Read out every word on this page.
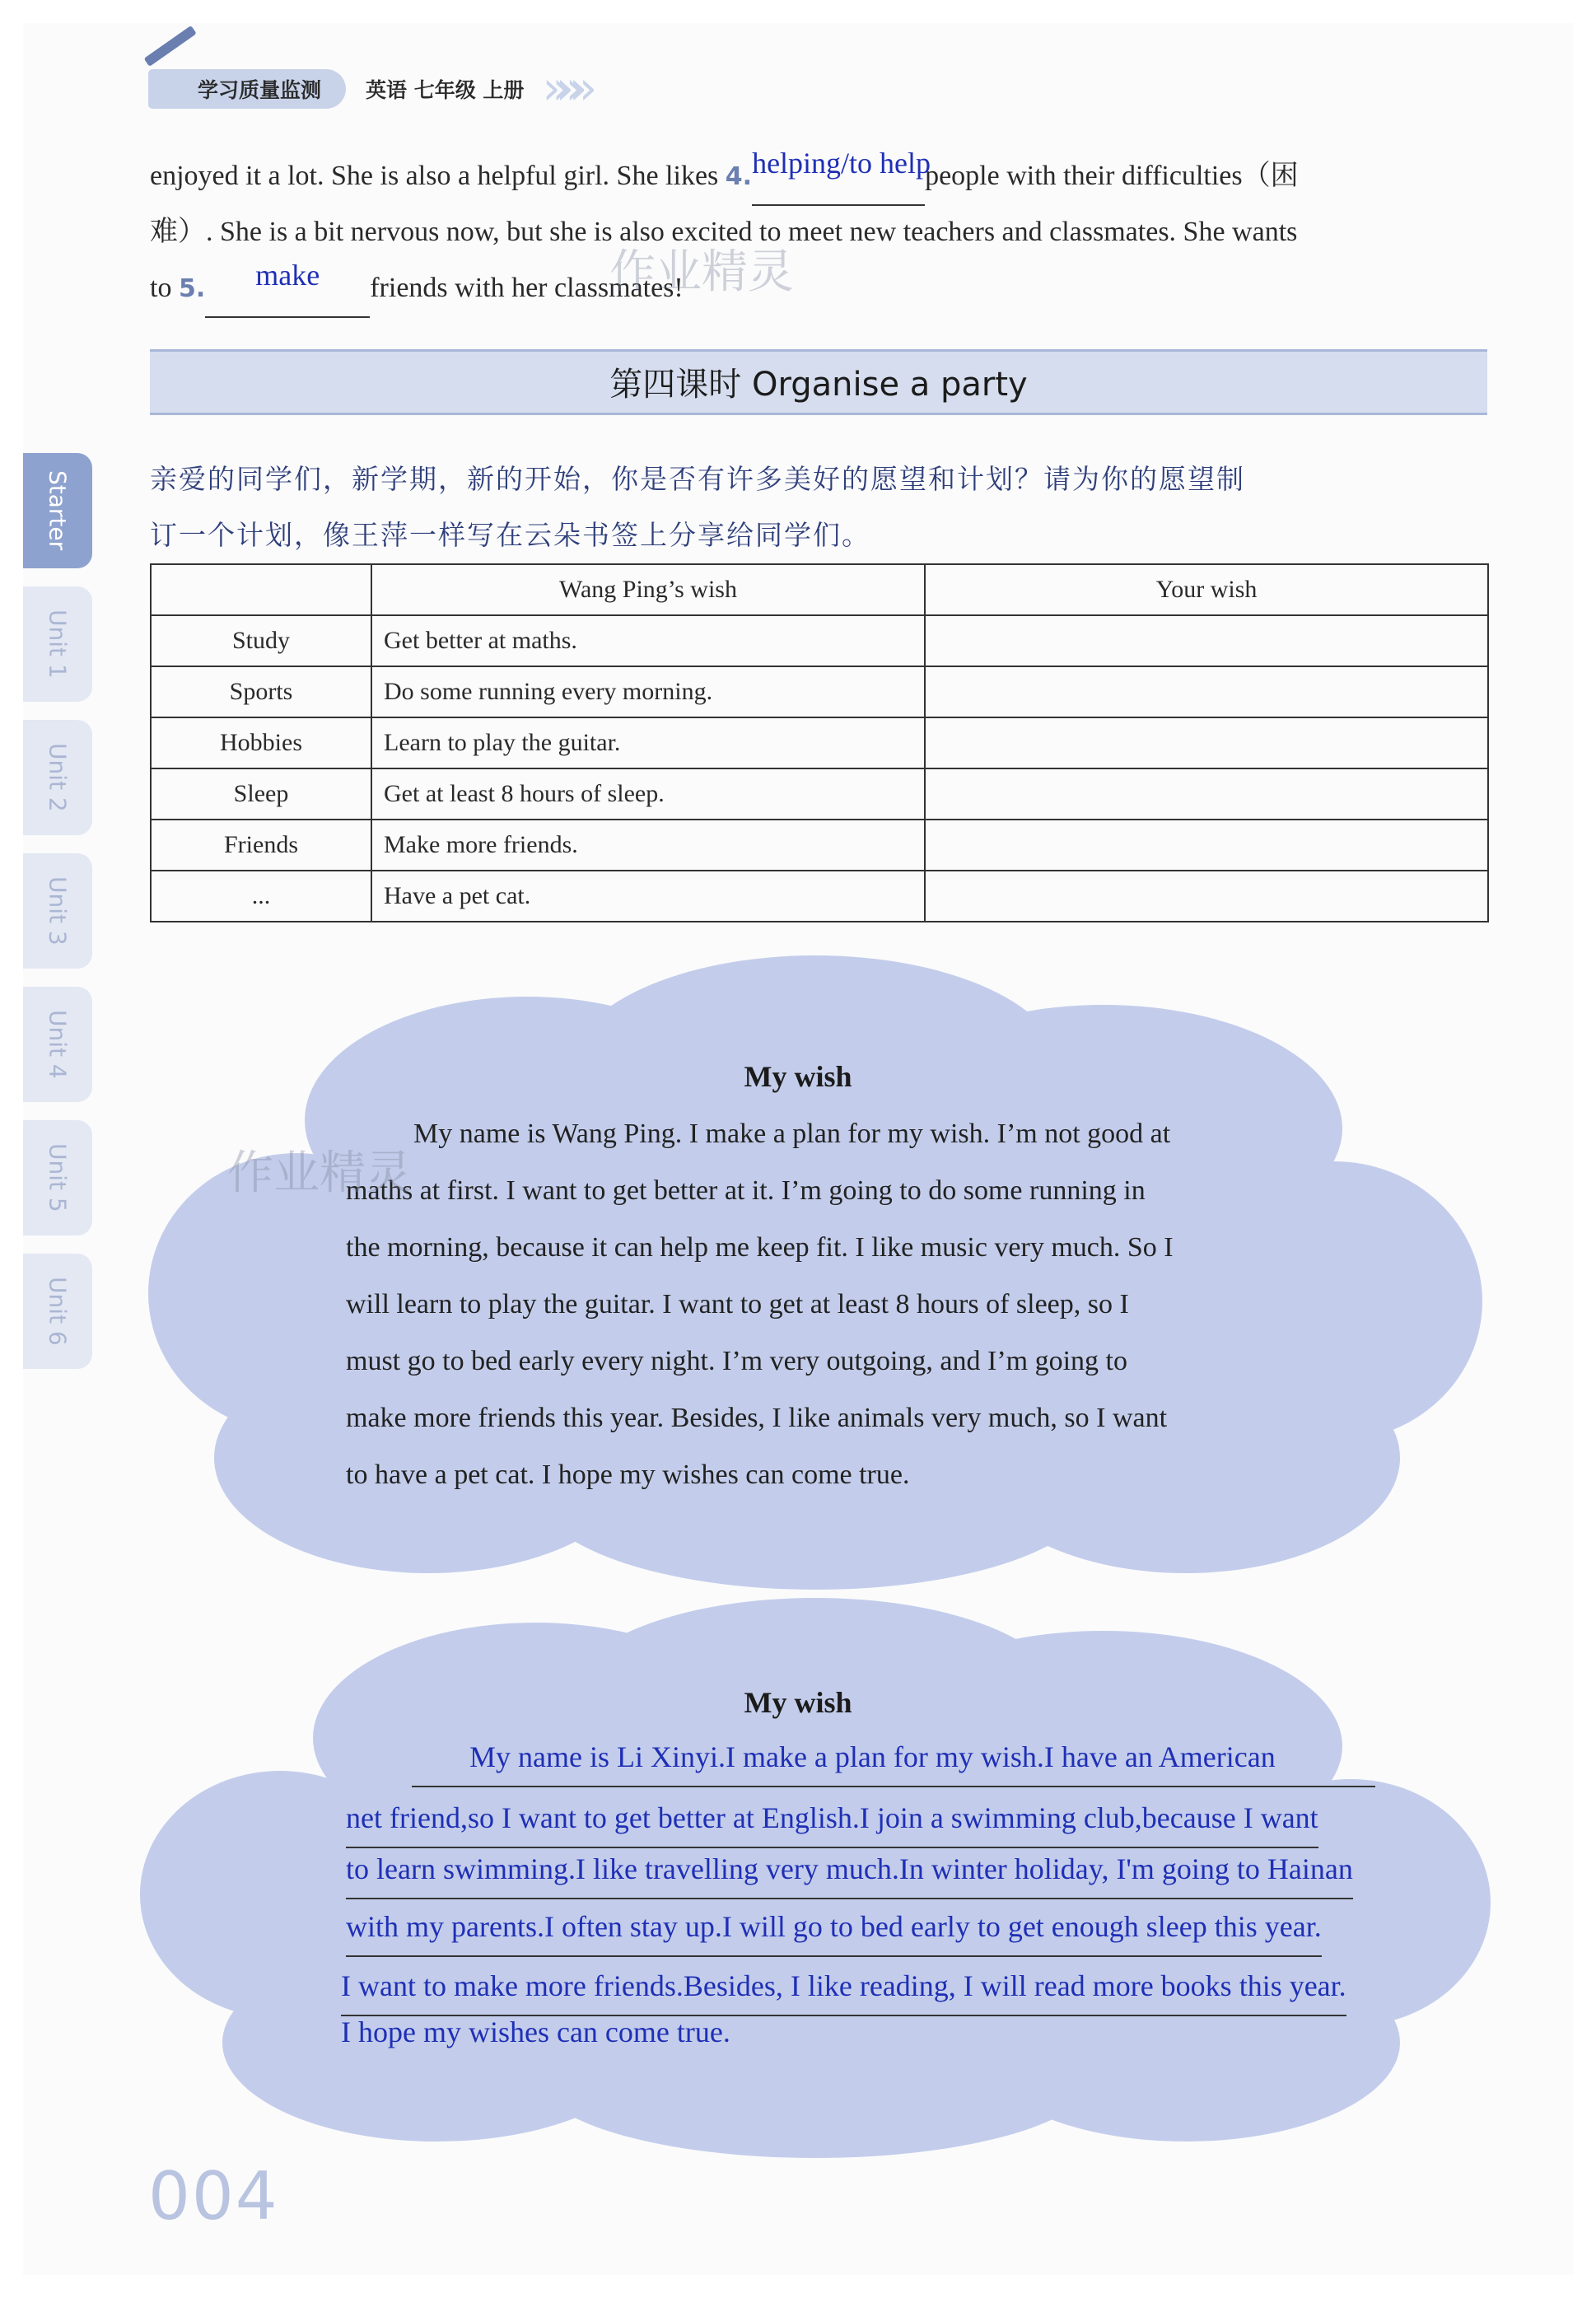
学习质量监测	英语 七年级 上册 »»»
enjoyed it a lot. She is also a helpful girl. She likes 4. helping/to help
people with their difficulties（困
难）. She is a bit nervous now, but she is also excited to meet new teachers and classmates. She wants
to 5.	make	friends with her classmates!
第四课时 Organise a party
亲爱的同学们，新学期，新的开始，你是否有许多美好的愿望和计划？请为你的愿望制
订一个计划，像王萍一样写在云朵书签上分享给同学们。
	Wang Ping’s wish	Your wish
Study	Get better at maths.	
Sports	Do some running every morning.	
Hobbies	Learn to play the guitar.	
Sleep	Get at least 8 hours of sleep.	
Friends	Make more friends.	
...	Have a pet cat.	
My wish
My name is Wang Ping. I make a plan for my wish. I’m not good at
maths at first. I want to get better at it. I’m going to do some running in
the morning, because it can help me keep fit. I like music very much. So I
will learn to play the guitar. I want to get at least 8 hours of sleep, so I
must go to bed early every night. I’m very outgoing, and I’m going to
make more friends this year. Besides, I like animals very much, so I want
to have a pet cat. I hope my wishes can come true.
My wish
My name is Li Xinyi.I make a plan for my wish.I have an American
net friend,so I want to get better at English.I join a swimming club,because I want
to learn swimming.I like travelling very much.In winter holiday, I'm going to Hainan
with my parents.I often stay up.I will go to bed early to get enough sleep this year.
I want to make more friends.Besides, I like reading, I will read more books this year.
I hope my wishes can come true.
Starter
Unit 1
Unit 2
Unit 3
Unit 4
Unit 5
Unit 6
作业精灵
作业精灵
004
